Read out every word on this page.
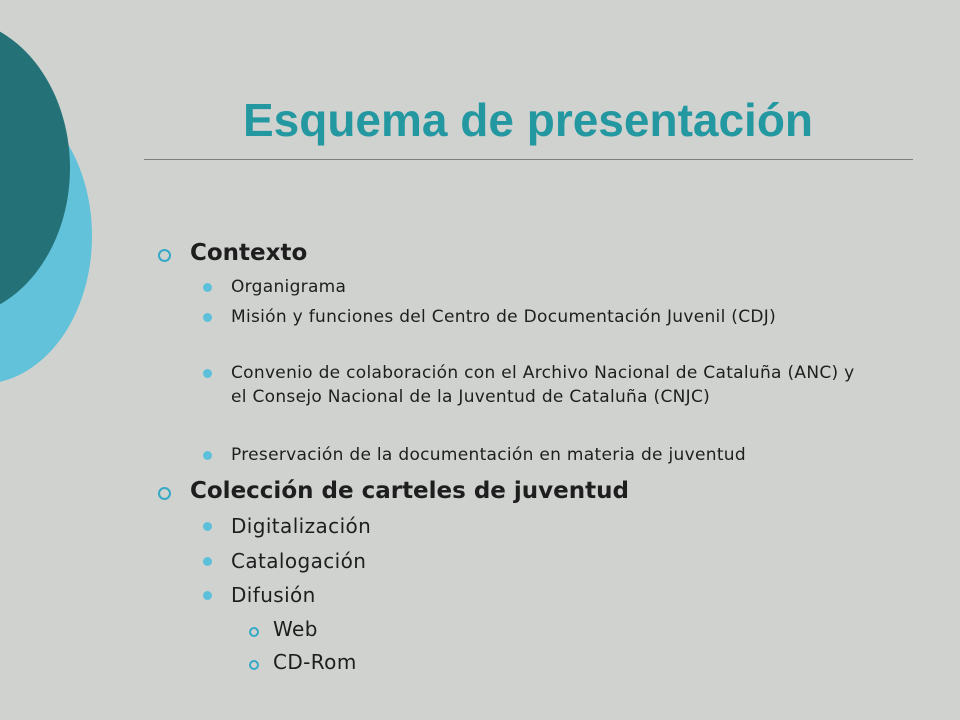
Esquema de presentación
Contexto
Organigrama
Misión y funciones del Centro de Documentación Juvenil (CDJ)
Convenio de colaboración con el Archivo Nacional de Cataluña (ANC) y el Consejo Nacional de la Juventud de Cataluña (CNJC)
Preservación de la documentación en materia de juventud
Colección de carteles de juventud
Digitalización
Catalogación
Difusión
Web
CD-Rom
